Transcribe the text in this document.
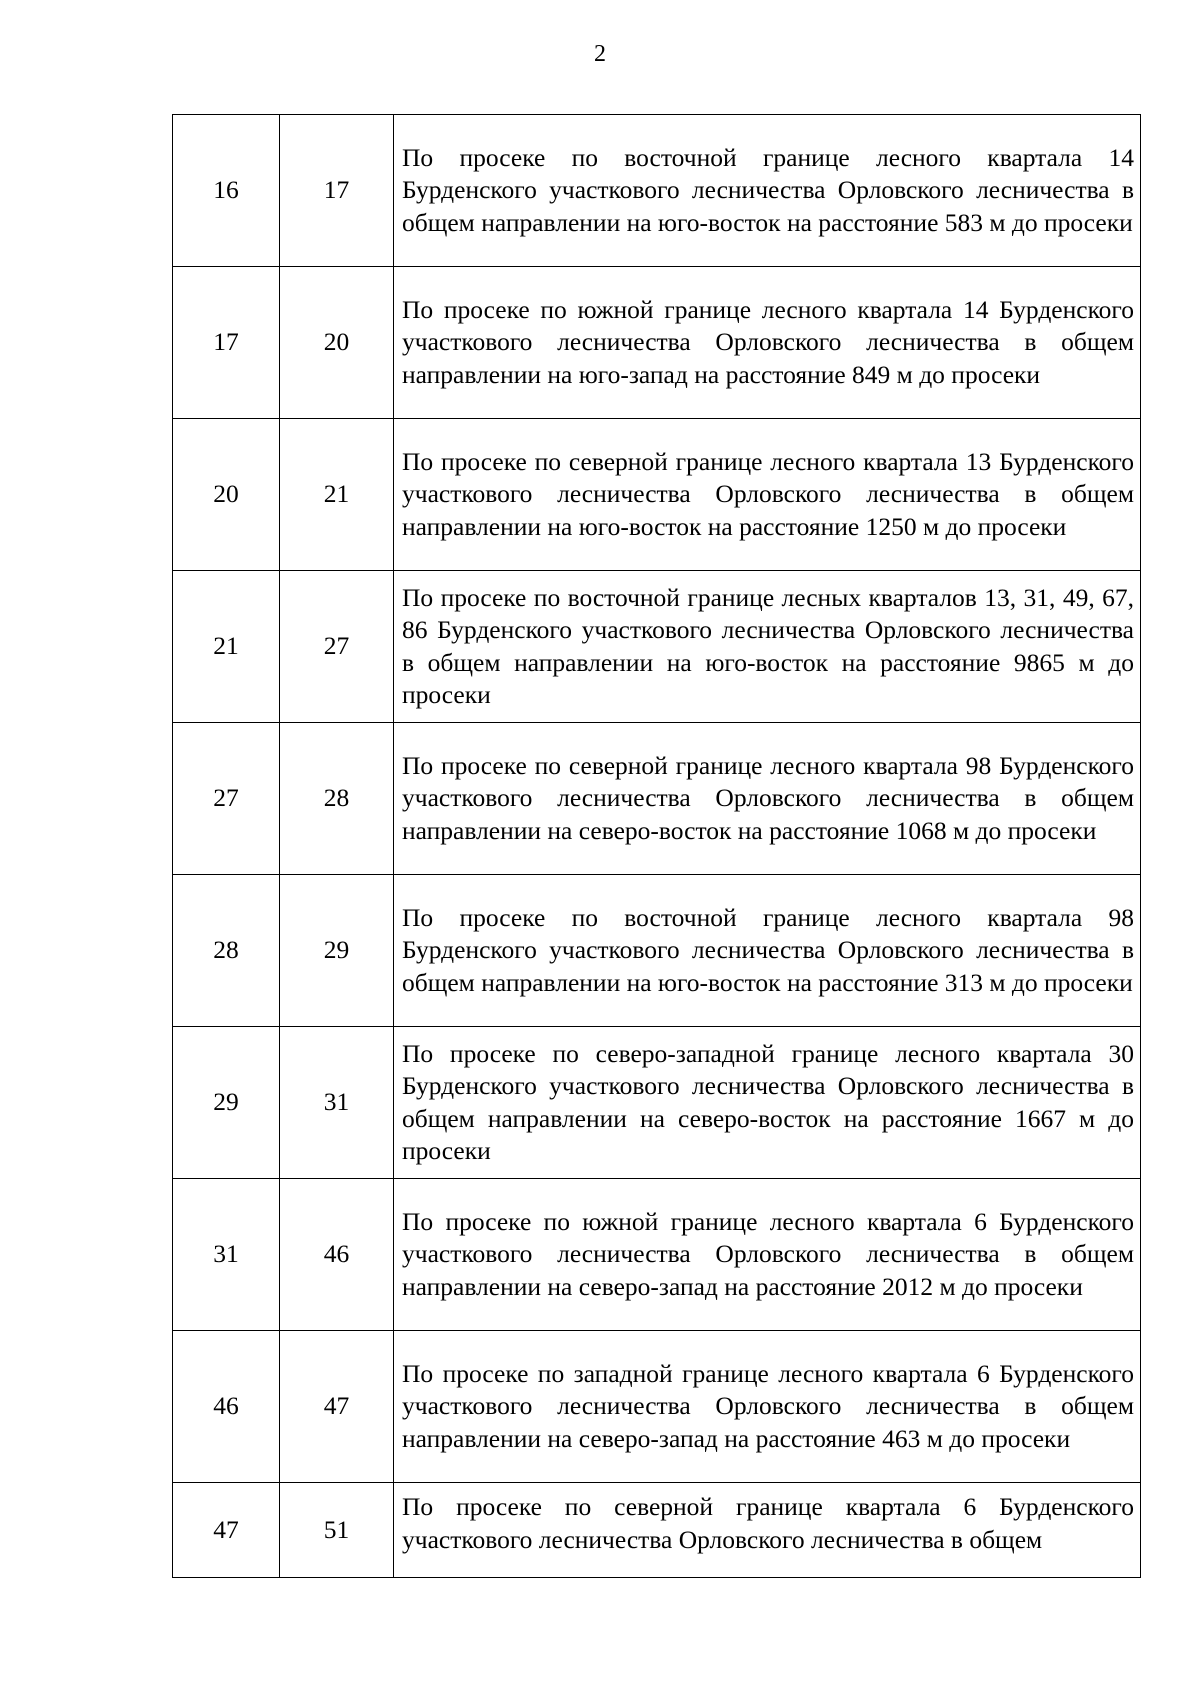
2
16	17	По просеке по восточной границе лесного квартала 14 Бурденского участкового лесничества Орловского лесничества в общем направлении на юго-восток на расстояние 583 м до просеки

17	20	По просеке по южной границе лесного квартала 14 Бурденского участкового лесничества Орловского лесничества в общем направлении на юго-запад на расстояние 849 м до просеки

20	21	По просеке по северной границе лесного квартала 13 Бурденского участкового лесничества Орловского лесничества в общем направлении на юго-восток на расстояние 1250 м до просеки

21	27	По просеке по восточной границе лесных кварталов 13, 31, 49, 67, 86 Бурденского участкового лесничества Орловского лесничества в общем направлении на юго-восток на расстояние 9865 м до просеки

27	28	По просеке по северной границе лесного квартала 98 Бурденского участкового лесничества Орловского лесничества в общем направлении на северо-восток на расстояние 1068 м до просеки

28	29	По просеке по восточной границе лесного квартала 98 Бурденского участкового лесничества Орловского лесничества в общем направлении на юго-восток на расстояние 313 м до просеки

29	31	По просеке по северо-западной границе лесного квартала 30 Бурденского участкового лесничества Орловского лесничества в общем направлении на северо-восток на расстояние 1667 м до просеки

31	46	По просеке по южной границе лесного квартала 6 Бурденского участкового лесничества Орловского лесничества в общем направлении на северо-запад на расстояние 2012 м до просеки

46	47	По просеке по западной границе лесного квартала 6 Бурденского участкового лесничества Орловского лесничества в общем направлении на северо-запад на расстояние 463 м до просеки

47	51	По просеке по северной границе квартала 6 Бурденского участкового лесничества Орловского лесничества в общем
